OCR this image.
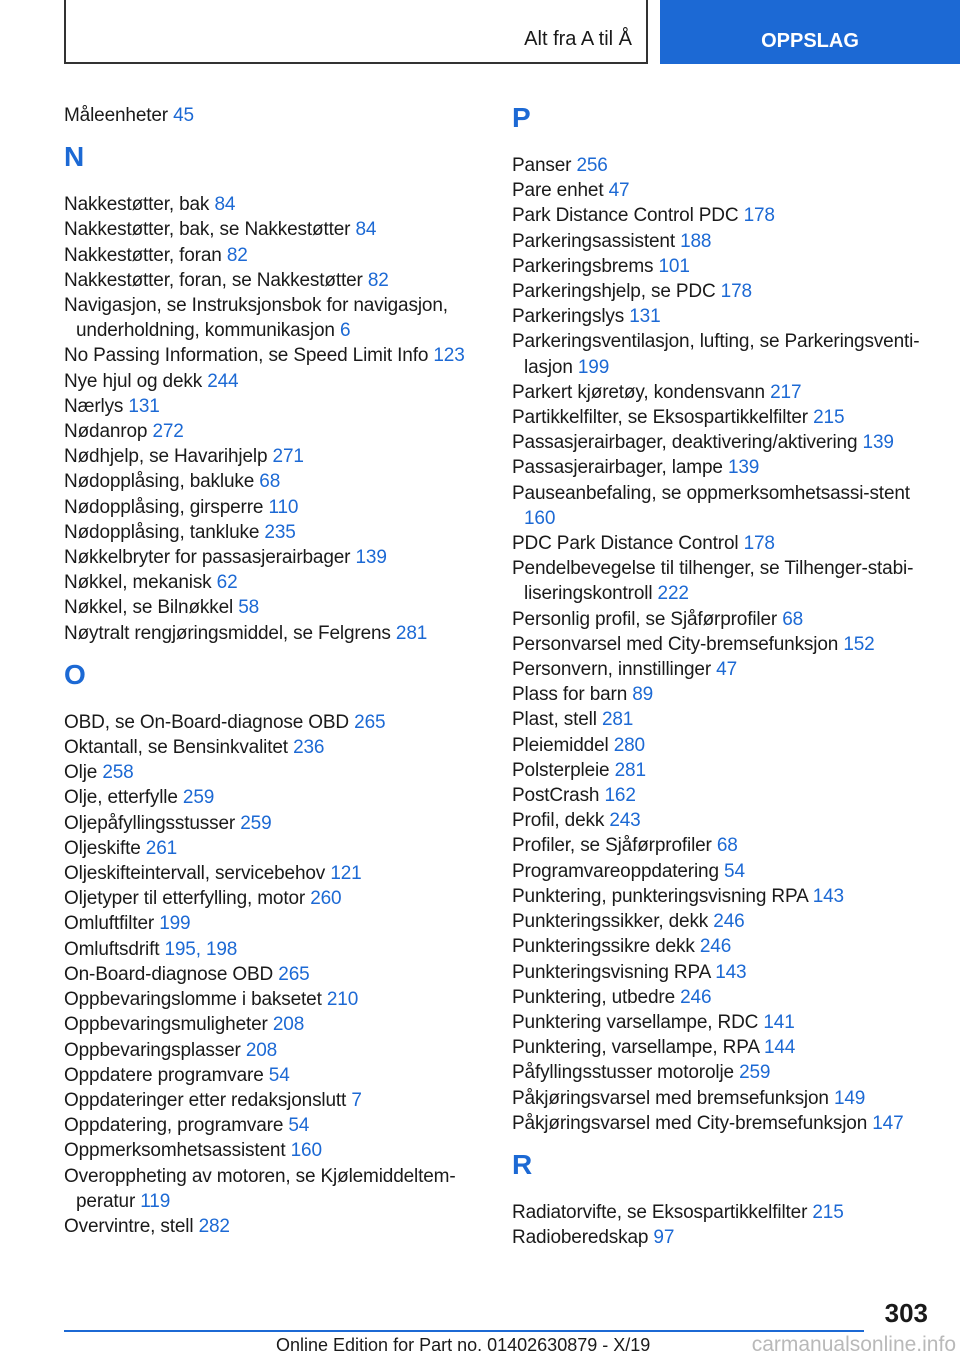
Alt fra A til Å	OPPSLAG
Måleenheter 45
N
Nakkestøtter, bak 84
Nakkestøtter, bak, se Nakkestøtter 84
Nakkestøtter, foran 82
Nakkestøtter, foran, se Nakkestøtter 82
Navigasjon, se Instruksjonsbok for navigasjon, underholdning, kommunikasjon 6
No Passing Information, se Speed Limit Info 123
Nye hjul og dekk 244
Nærlys 131
Nødanrop 272
Nødhjelp, se Havarihjelp 271
Nødopplåsing, bakluke 68
Nødopplåsing, girsperre 110
Nødopplåsing, tankluke 235
Nøkkelbryter for passasjerairbager 139
Nøkkel, mekanisk 62
Nøkkel, se Bilnøkkel 58
Nøytralt rengjøringsmiddel, se Felgrens 281
O
OBD, se On-Board-diagnose OBD 265
Oktantall, se Bensinkvalitet 236
Olje 258
Olje, etterfylle 259
Oljepåfyllingsstusser 259
Oljeskifte 261
Oljeskifteintervall, servicebehov 121
Oljetyper til etterfylling, motor 260
Omluftfilter 199
Omluftsdrift 195, 198
On-Board-diagnose OBD 265
Oppbevaringslomme i baksetet 210
Oppbevaringsmuligheter 208
Oppbevaringsplasser 208
Oppdatere programvare 54
Oppdateringer etter redaksjonslutt 7
Oppdatering, programvare 54
Oppmerksomhetsassistent 160
Overoppheting av motoren, se Kjølemiddeltem-peratur 119
Overvintre, stell 282
P
Panser 256
Pare enhet 47
Park Distance Control PDC 178
Parkeringsassistent 188
Parkeringsbrems 101
Parkeringshjelp, se PDC 178
Parkeringslys 131
Parkeringsventilasjon, lufting, se Parkeringsventi-lasjon 199
Parkert kjøretøy, kondensvann 217
Partikkelfilter, se Eksospartikkelfilter 215
Passasjerairbager, deaktivering/aktivering 139
Passasjerairbager, lampe 139
Pauseanbefaling, se oppmerksomhetsassi-stent 160
PDC Park Distance Control 178
Pendelbevegelse til tilhenger, se Tilhenger-stabi-liseringskontroll 222
Personlig profil, se Sjåførprofiler 68
Personvarsel med City-bremsefunksjon 152
Personvern, innstillinger 47
Plass for barn 89
Plast, stell 281
Pleiemiddel 280
Polsterpleie 281
PostCrash 162
Profil, dekk 243
Profiler, se Sjåførprofiler 68
Programvareoppdatering 54
Punktering, punkteringsvisning RPA 143
Punkteringssikker, dekk 246
Punkteringssikre dekk 246
Punkteringsvisning RPA 143
Punktering, utbedre 246
Punktering varsellampe, RDC 141
Punktering, varsellampe, RPA 144
Påfyllingsstusser motorolje 259
Påkjøringsvarsel med bremsefunksjon 149
Påkjøringsvarsel med City-bremsefunksjon 147
R
Radiatorvifte, se Eksospartikkelfilter 215
Radioberedskap 97
303
Online Edition for Part no. 01402630879 - X/19	carmanualsonline.info
